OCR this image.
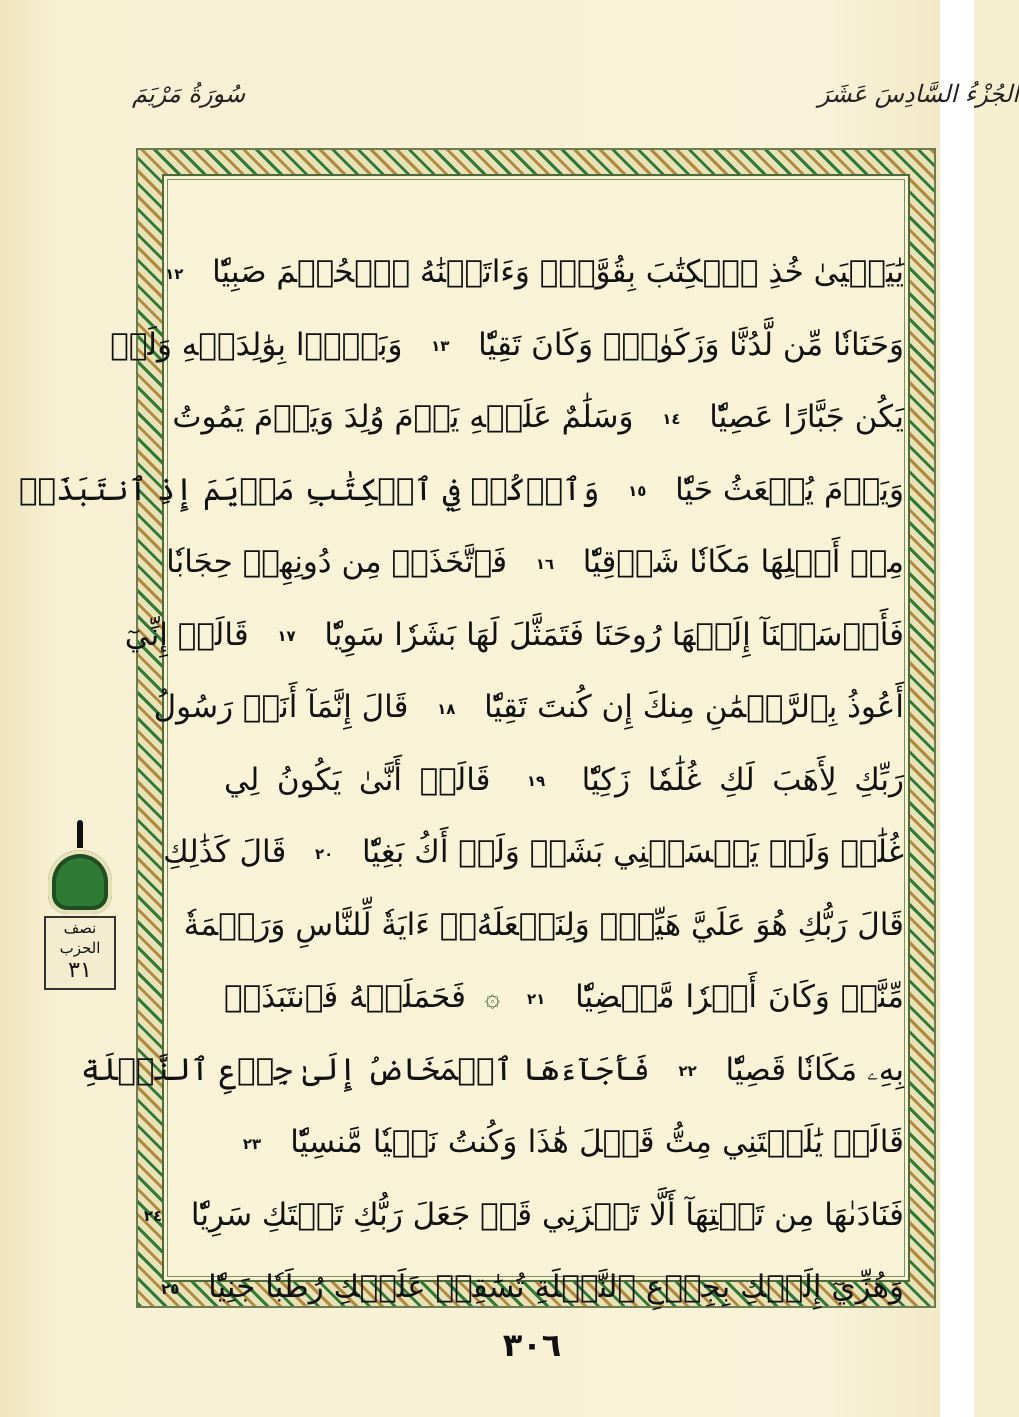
سُورَةُ مَرْيَمَ	الجُزْءُ السَّادِسَ عَشَرَ
يَٰيَحۡيَىٰ خُذِ ٱلۡكِتَٰبَ بِقُوَّةٖۖ وَءَاتَيۡنَٰهُ ٱلۡحُكۡمَ صَبِيّٗا ١٢
وَحَنَانٗا مِّن لَّدُنَّا وَزَكَوٰةٗۖ وَكَانَ تَقِيّٗا ١٣ وَبَرَّۢا بِوَٰلِدَيۡهِ وَلَمۡ
يَكُن جَبَّارًا عَصِيّٗا ١٤ وَسَلَٰمٌ عَلَيۡهِ يَوۡمَ وُلِدَ وَيَوۡمَ يَمُوتُ
وَيَوۡمَ يُبۡعَثُ حَيّٗا ١٥ وَٱذۡكُرۡ فِي ٱلۡكِتَٰبِ مَرۡيَمَ إِذِ ٱنتَبَذَتۡ
مِنۡ أَهۡلِهَا مَكَانٗا شَرۡقِيّٗا ١٦ فَٱتَّخَذَتۡ مِن دُونِهِمۡ حِجَابٗا
فَأَرۡسَلۡنَآ إِلَيۡهَا رُوحَنَا فَتَمَثَّلَ لَهَا بَشَرٗا سَوِيّٗا ١٧ قَالَتۡ إِنِّيٓ
أَعُوذُ بِٱلرَّحۡمَٰنِ مِنكَ إِن كُنتَ تَقِيّٗا ١٨ قَالَ إِنَّمَآ أَنَا۠ رَسُولُ
رَبِّكِ لِأَهَبَ لَكِ غُلَٰمٗا زَكِيّٗا ١٩ قَالَتۡ أَنَّىٰ يَكُونُ لِي
غُلَٰمٞ وَلَمۡ يَمۡسَسۡنِي بَشَرٞ وَلَمۡ أَكُ بَغِيّٗا ٢٠ قَالَ كَذَٰلِكِ
قَالَ رَبُّكِ هُوَ عَلَيَّ هَيِّنٞۖ وَلِنَجۡعَلَهُۥٓ ءَايَةٗ لِّلنَّاسِ وَرَحۡمَةٗ
مِّنَّاۚ وَكَانَ أَمۡرٗا مَّقۡضِيّٗا ٢١۞ فَحَمَلَتۡهُ فَٱنتَبَذَتۡ
بِهِۦ مَكَانٗا قَصِيّٗا ٢٢ فَأَجَآءَهَا ٱلۡمَخَاضُ إِلَىٰ جِذۡعِ ٱلنَّخۡلَةِ
قَالَتۡ يَٰلَيۡتَنِي مِتُّ قَبۡلَ هَٰذَا وَكُنتُ نَسۡيٗا مَّنسِيّٗا ٢٣
فَنَادَىٰهَا مِن تَحۡتِهَآ أَلَّا تَحۡزَنِي قَدۡ جَعَلَ رَبُّكِ تَحۡتَكِ سَرِيّٗا ٢٤
وَهُزِّيٓ إِلَيۡكِ بِجِذۡعِ ٱلنَّخۡلَةِ تُسَٰقِطۡ عَلَيۡكِ رُطَبٗا جَنِيّٗا ٢٥
نصف
الحزب
٣١
٣٠٦
